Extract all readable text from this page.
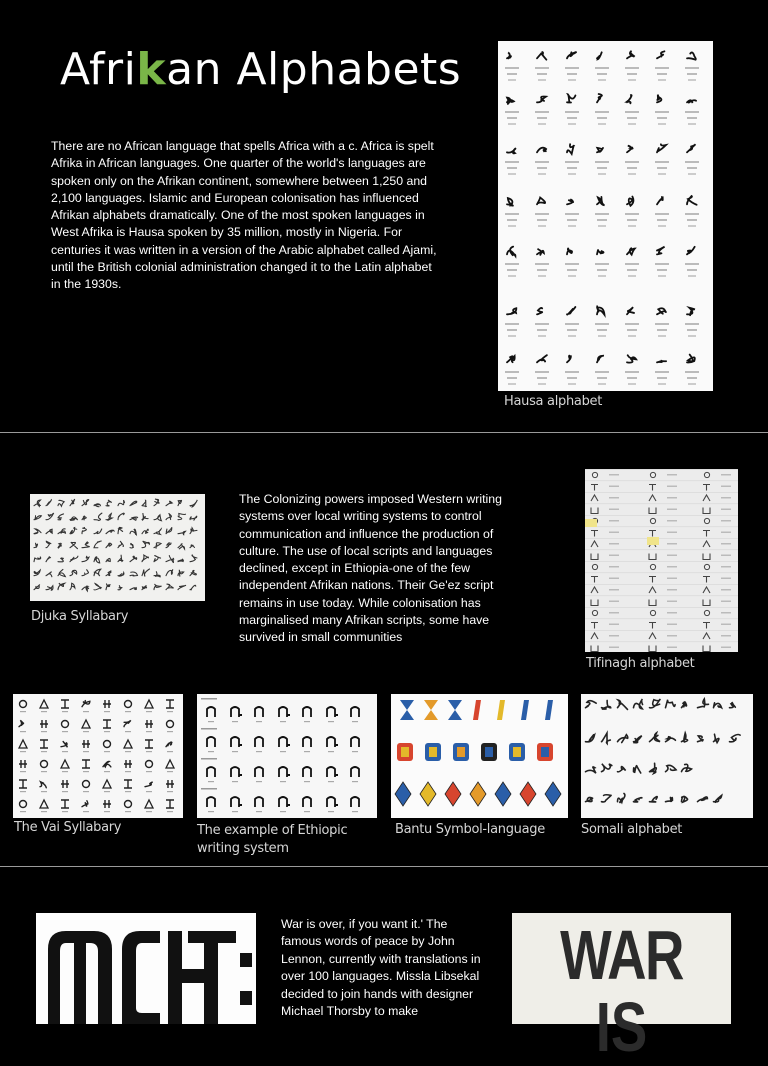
Afrikan Alphabets
There are no African language that spells Africa with a c. Africa is spelt Afrika in African languages. One quarter of the world's languages are spoken only on the Afrikan continent, somewhere between 1,250 and 2,100 languages. Islamic and European colonisation has influenced Afrikan alphabets dramatically. One of the most spoken languages in West Afrika is Hausa spoken by 35 million, mostly in Nigeria. For centuries it was written in a version of the Arabic alphabet called Ajami, until the British colonial administration changed it to the Latin alphabet in the 1930s.
Hausa alphabet
Djuka Syllabary
The Colonizing powers imposed Western writing systems over local writing systems to control communication and influence the production of culture. The use of local scripts and languages declined, except in Ethiopia-one of the few independent Afrikan nations. Their Ge'ez script remains in use today. While colonisation has marginalised many Afrikan scripts, some have survived in small communities
Tifinagh alphabet
The Vai Syllabary	The example of Ethiopic writing system
Bantu Symbol-language	Somali alphabet
War is over, if you want it.' The famous words of peace by John Lennon, currently with translations in over 100 languages. Missla Libsekal decided to join hands with designer Michael Thorsby to make
WAR
IS
